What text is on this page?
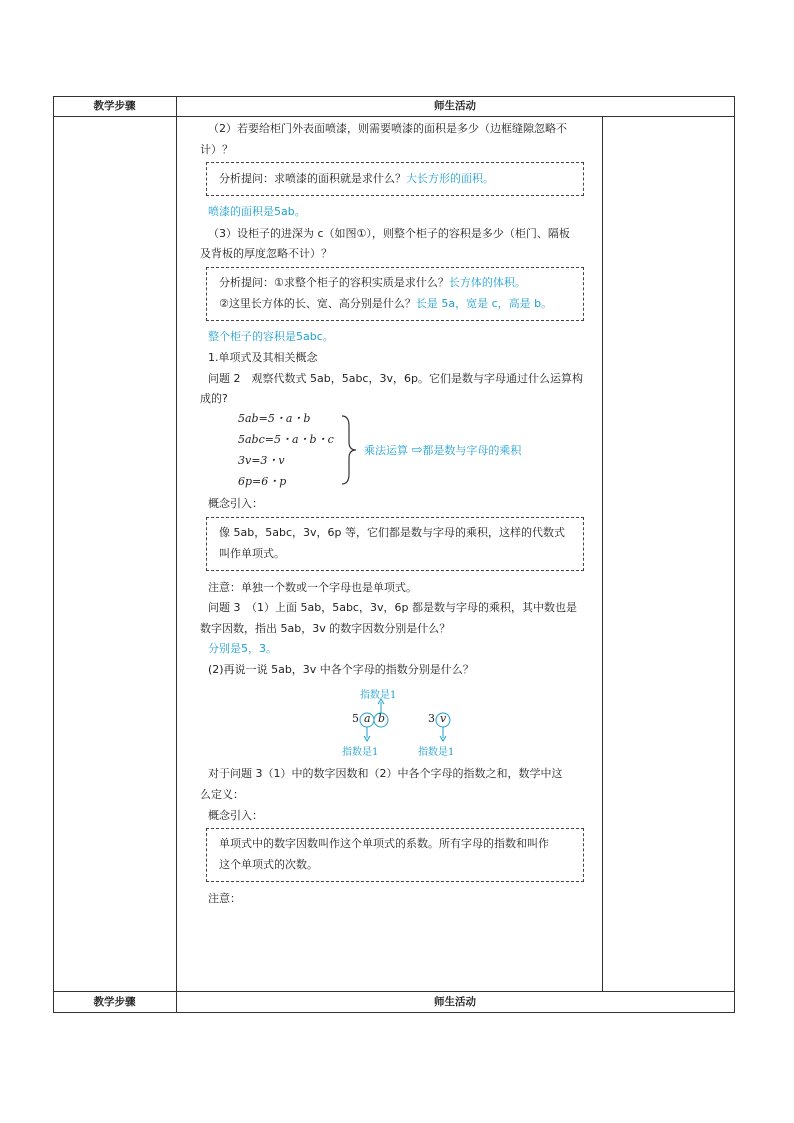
教学步骤	师生活动
教学步骤	师生活动
（2）若要给柜门外表面喷漆，则需要喷漆的面积是多少（边框缝隙忽略不
计）？
分析提问：求喷漆的面积就是求什么？大长方形的面积。
喷漆的面积是5ab。
（3）设柜子的进深为 c（如图①），则整个柜子的容积是多少（柜门、隔板
及背板的厚度忽略不计）？
分析提问：①求整个柜子的容积实质是求什么？长方体的体积。
②这里长方体的长、宽、高分别是什么？长是 5a，宽是 c，高是 b。
整个柜子的容积是5abc。
1.单项式及其相关概念
问题 2　观察代数式 5ab，5abc，3v，6p。它们是数与字母通过什么运算构
成的?
5ab=5・a・b
5abc=5・a・b・c
3v=3・v
6p=6・p
乘法运算 ⇨都是数与字母的乘积
概念引入：
像 5ab，5abc，3v，6p 等，它们都是数与字母的乘积，这样的代数式
叫作单项式。
注意：单独一个数或一个字母也是单项式。
问题 3　（1）上面 5ab，5abc，3v，6p 都是数与字母的乘积，其中数也是
数字因数，指出 5ab，3v 的数字因数分别是什么？
分别是5，3。
(2)再说一说 5ab，3v 中各个字母的指数分别是什么？
指数是1
5 a b	3 v
指数是1	指数是1
对于问题 3（1）中的数字因数和（2）中各个字母的指数之和，数学中这
么定义：
概念引入：
单项式中的数字因数叫作这个单项式的系数。所有字母的指数和叫作
这个单项式的次数。
注意：
